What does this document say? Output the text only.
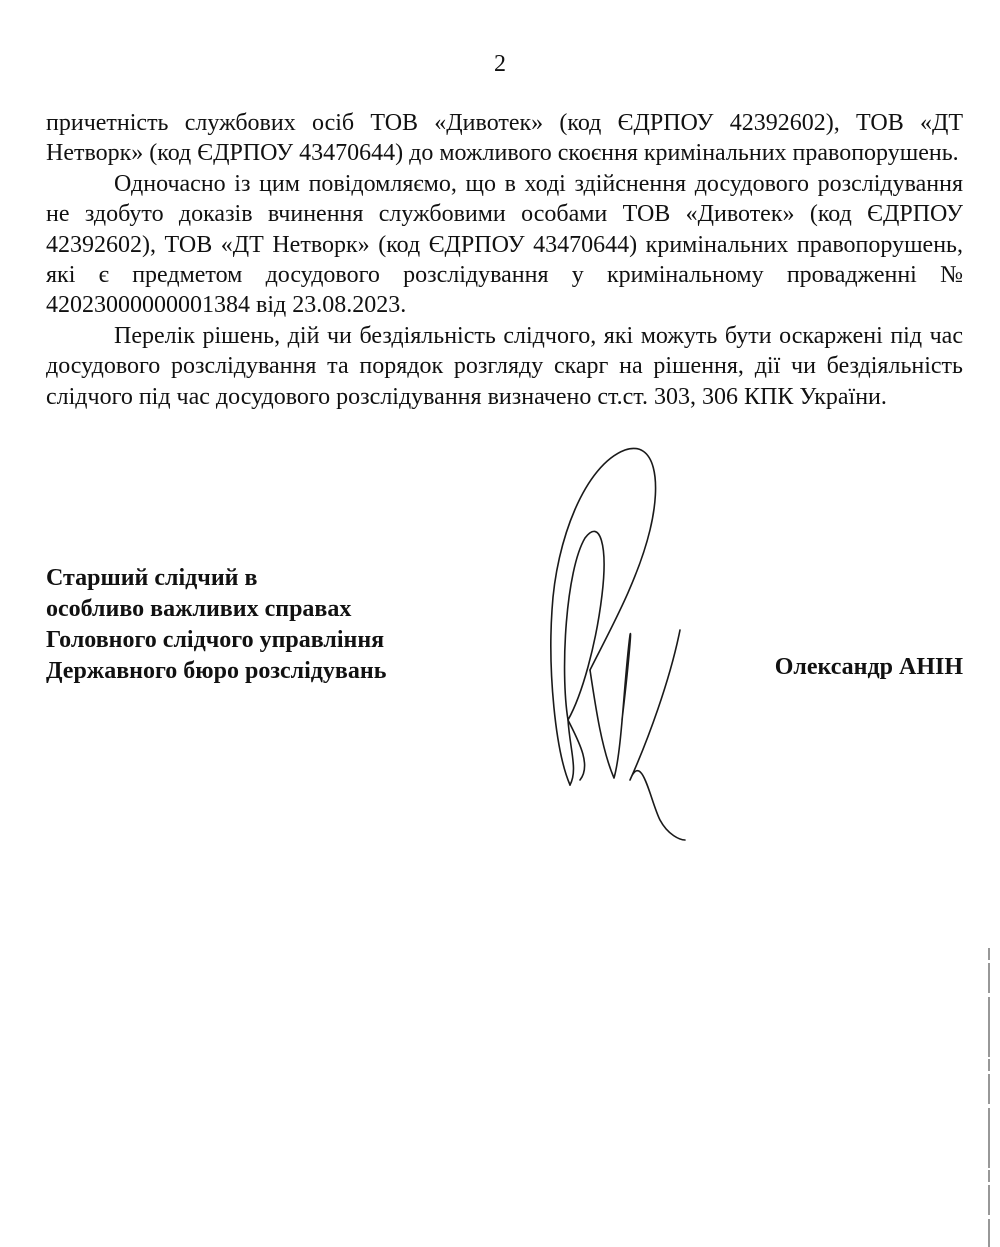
2

причетність службових осіб ТОВ «Дивотек» (код ЄДРПОУ 42392602), ТОВ «ДТ Нетворк» (код ЄДРПОУ 43470644) до можливого скоєння кримінальних правопорушень.

Одночасно із цим повідомляємо, що в ході здійснення досудового розслідування не здобуто доказів вчинення службовими особами ТОВ «Дивотек» (код ЄДРПОУ 42392602), ТОВ «ДТ Нетворк» (код ЄДРПОУ 43470644) кримінальних правопорушень, які є предметом досудового розслідування у кримінальному провадженні № 42023000000001384 від 23.08.2023.

Перелік рішень, дій чи бездіяльність слідчого, які можуть бути оскаржені під час досудового розслідування та порядок розгляду скарг на рішення, дії чи бездіяльність слідчого під час досудового розслідування визначено ст.ст. 303, 306 КПК України.

Старший слідчий в
особливо важливих справах
Головного слідчого управління
Державного бюро розслідувань	Олександр АНІН
